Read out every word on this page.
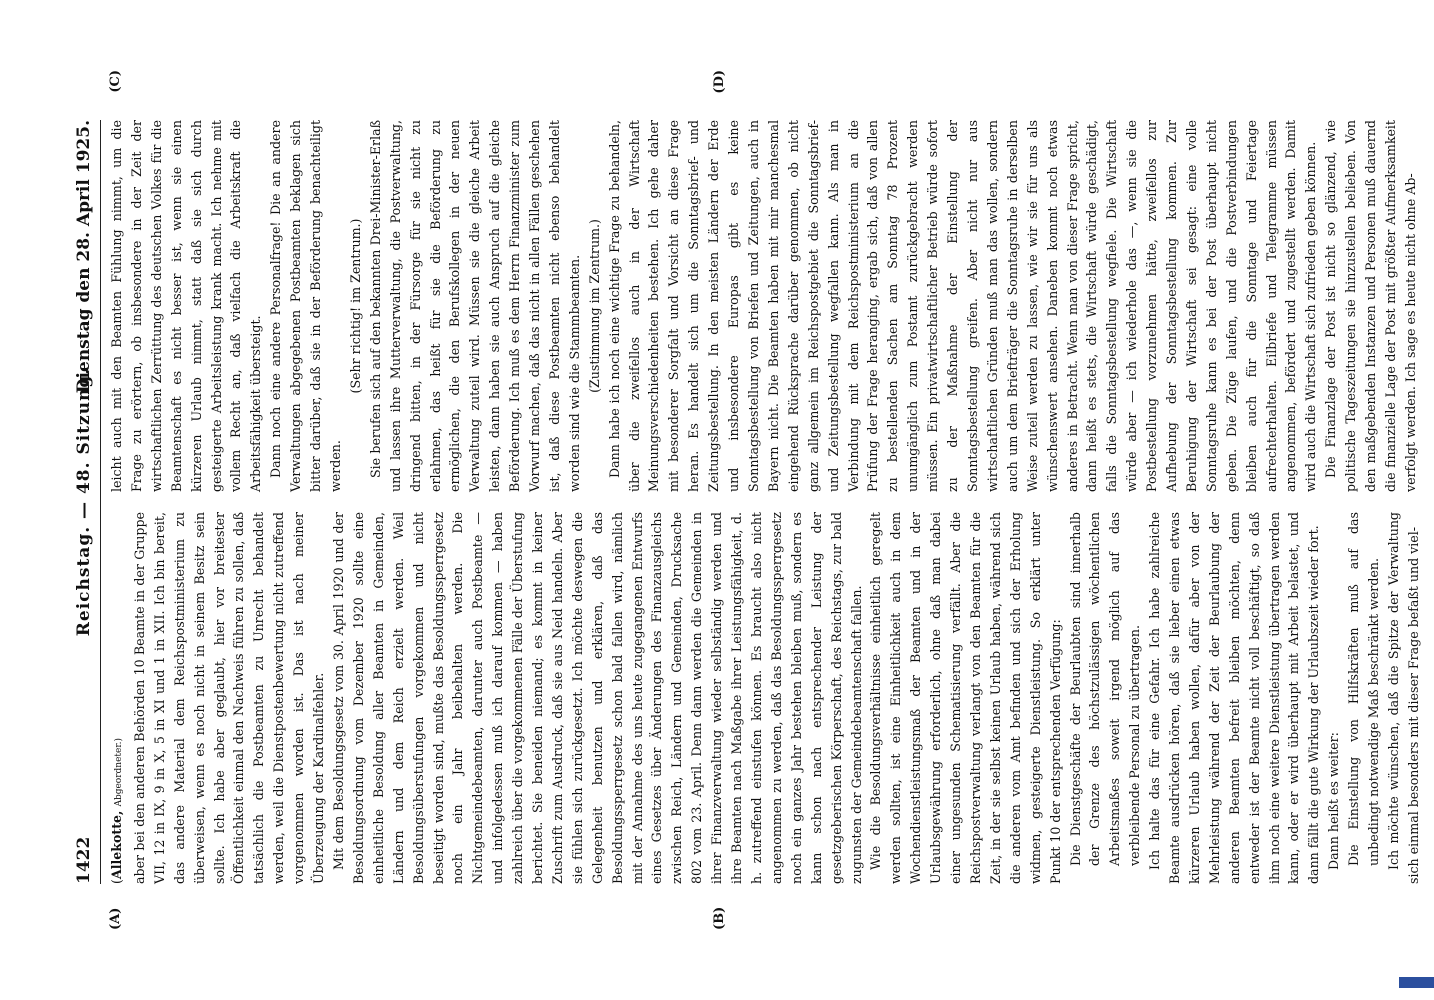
1422
Reichstag. — 48. Sitzung.
Dienstag den 28. April 1925.
(A)	(B)
(C)	(D)

(Allekotte, Abgeordneter.) aber bei den anderen Behörden 10 Beamte in der Gruppe VII, 12 in IX, 9 in X, 5 in XI und 1 in XII. Ich bin bereit, das andere Material dem Reichspostministerium zu überweisen, wenn es noch nicht in seinem Besitz sein sollte. Ich habe aber geglaubt, hier vor breitester Öffentlichkeit einmal den Nachweis führen zu sollen, daß tatsächlich die Postbeamten zu Unrecht behandelt werden, weil die Dienstpostenbewertung nicht zutreffend vorgenommen worden ist. Das ist nach meiner Überzeugung der Kardinalfehler. Mit dem Besoldungsgesetz vom 30. April 1920 und der Besoldungsordnung vom Dezember 1920 sollte eine einheitliche Besoldung aller Beamten in Gemeinden, Ländern und dem Reich erzielt werden. Weil Besoldungsüberstufungen vorgekommen und nicht beseitigt worden sind, mußte das Besoldungssperrgesetz noch ein Jahr beibehalten werden. Die Nichtgemeindebeamten, darunter auch Postbeamte — und infolgedessen muß ich darauf kommen — haben zahlreich über die vorgekommenen Fälle der Überstufung berichtet. Sie beneiden niemand; es kommt in keiner Zuschrift zum Ausdruck, daß sie aus Neid handeln. Aber sie fühlen sich zurückgesetzt. Ich möchte deswegen die Gelegenheit benutzen und erklären, daß das Besoldungssperrgesetz schon bald fallen wird, nämlich mit der Annahme des uns heute zugegangenen Entwurfs eines Gesetzes über Änderungen des Finanzausgleichs zwischen Reich, Ländern und Gemeinden, Drucksache 802 vom 23. April. Denn dann werden die Gemeinden in ihrer Finanzverwaltung wieder selbständig werden und ihre Beamten nach Maßgabe ihrer Leistungsfähigkeit, d. h. zutreffend einstufen können. Es braucht also nicht angenommen zu werden, daß das Besoldungssperrgesetz noch ein ganzes Jahr bestehen bleiben muß, sondern es kann schon nach entsprechender Leistung der gesetzgeberischen Körperschaft, des Reichstags, zur bald zugunsten der Gemeindebeamtenschaft fallen. Wie die Besoldungsverhältnisse einheitlich geregelt werden sollten, ist eine Einheitlichkeit auch in dem Wochendienstleistungsmaß der Beamten und in der Urlaubsgewährung erforderlich, ohne daß man dabei einer ungesunden Schematisierung verfällt. Aber die Reichspostverwaltung verlangt von den Beamten für die Zeit, in der sie selbst keinen Urlaub haben, während sich die anderen vom Amt befinden und sich der Erholung widmen, gesteigerte Dienstleistung. So erklärt unter Punkt 10 der entsprechenden Verfügung: Die Dienstgeschäfte der Beurlaubten sind innerhalb der Grenze des höchstzulässigen wöchentlichen Arbeitsmaßes soweit irgend möglich auf das verbleibende Personal zu übertragen. Ich halte das für eine Gefahr. Ich habe zahlreiche Beamte ausdrücken hören, daß sie lieber einen etwas kürzeren Urlaub haben wollen, dafür aber von der Mehrleistung während der Zeit der Beurlaubung der anderen Beamten befreit bleiben möchten, denn entweder ist der Beamte nicht voll beschäftigt, so daß ihm noch eine weitere Dienstleistung übertragen werden kann, oder er wird überhaupt mit Arbeit belastet, und dann fällt die gute Wirkung der Urlaubszeit wieder fort. Dann heißt es weiter: Die Einstellung von Hilfskräften muß auf das unbedingt notwendige Maß beschränkt werden. Ich möchte wünschen, daß die Spitze der Verwaltung sich einmal besonders mit dieser Frage befaßt und viel-

leicht auch mit den Beamten Fühlung nimmt, um die Frage zu erörtern, ob insbesondere in der Zeit der wirtschaftlichen Zerrüttung des deutschen Volkes für die Beamtenschaft es nicht besser ist, wenn sie einen kürzeren Urlaub nimmt, statt daß sie sich durch gesteigerte Arbeitsleistung krank macht. Ich nehme mit vollem Recht an, daß vielfach die Arbeitskraft die Arbeitsfähigkeit übersteigt. Dann noch eine andere Personalfrage! Die an andere Verwaltungen abgegebenen Postbeamten beklagen sich bitter darüber, daß sie in der Beförderung benachteiligt werden.

(Sehr richtig! im Zentrum.) Sie berufen sich auf den bekannten Drei-Minister-Erlaß und lassen ihre Mutterverwaltung, die Postverwaltung, dringend bitten, in der Fürsorge für sie nicht zu erlahmen, das heißt für sie die Beförderung zu ermöglichen, die den Berufskollegen in der neuen Verwaltung zuteil wird. Müssen sie die gleiche Arbeit leisten, dann haben sie auch Anspruch auf die gleiche Beförderung. Ich muß es dem Herrn Finanzminister zum Vorwurf machen, daß das nicht in allen Fällen geschehen ist, daß diese Postbeamten nicht ebenso behandelt worden sind wie die Stammbeamten. (Zustimmung im Zentrum.) Dann habe ich noch eine wichtige Frage zu behandeln, über die zweifellos auch in der Wirtschaft Meinungsverschiedenheiten bestehen. Ich gehe daher mit besonderer Sorgfalt und Vorsicht an diese Frage heran. Es handelt sich um die Sonntagsbrief- und Zeitungsbestellung. In den meisten Ländern der Erde und insbesondere Europas gibt es keine Sonntagsbestellung von Briefen und Zeitungen, auch in Bayern nicht. Die Beamten haben mit mir manchesmal eingehend Rücksprache darüber genommen, ob nicht ganz allgemein im Reichspostgebiet die Sonntagsbrief- und Zeitungsbestellung wegfallen kann. Als man in Verbindung mit dem Reichspostministerium an die Prüfung der Frage heranging, ergab sich, daß von allen zu bestellenden Sachen am Sonntag 78 Prozent unumgänglich zum Postamt zurückgebracht werden müssen. Ein privatwirtschaftlicher Betrieb würde sofort zu der Maßnahme der Einstellung der Sonntagsbestellung greifen. Aber nicht nur aus wirtschaftlichen Gründen muß man das wollen, sondern auch um dem Briefträger die Sonntagsruhe in derselben Weise zuteil werden zu lassen, wie wir sie für uns als wünschenswert ansehen. Daneben kommt noch etwas anderes in Betracht. Wenn man von dieser Frage spricht, dann heißt es stets, die Wirtschaft würde geschädigt, falls die Sonntagsbestellung wegfiele. Die Wirtschaft würde aber — ich wiederhole das —, wenn sie die Postbestellung vorzunehmen hätte, zweifellos zur Aufhebung der Sonntagsbestellung kommen. Zur Beruhigung der Wirtschaft sei gesagt: eine volle Sonntagsruhe kann es bei der Post überhaupt nicht geben. Die Züge laufen, und die Postverbindungen bleiben auch für die Sonntage und Feiertage aufrechterhalten. Eilbriefe und Telegramme müssen angenommen, befördert und zugestellt werden. Damit wird auch die Wirtschaft sich zufrieden geben können. Die Finanzlage der Post ist nicht so glänzend, wie politische Tageszeitungen sie hinzustellen belieben. Von den maßgebenden Instanzen und Personen muß dauernd die finanzielle Lage der Post mit größter Aufmerksamkeit verfolgt werden. Ich sage es heute nicht ohne Ab-
